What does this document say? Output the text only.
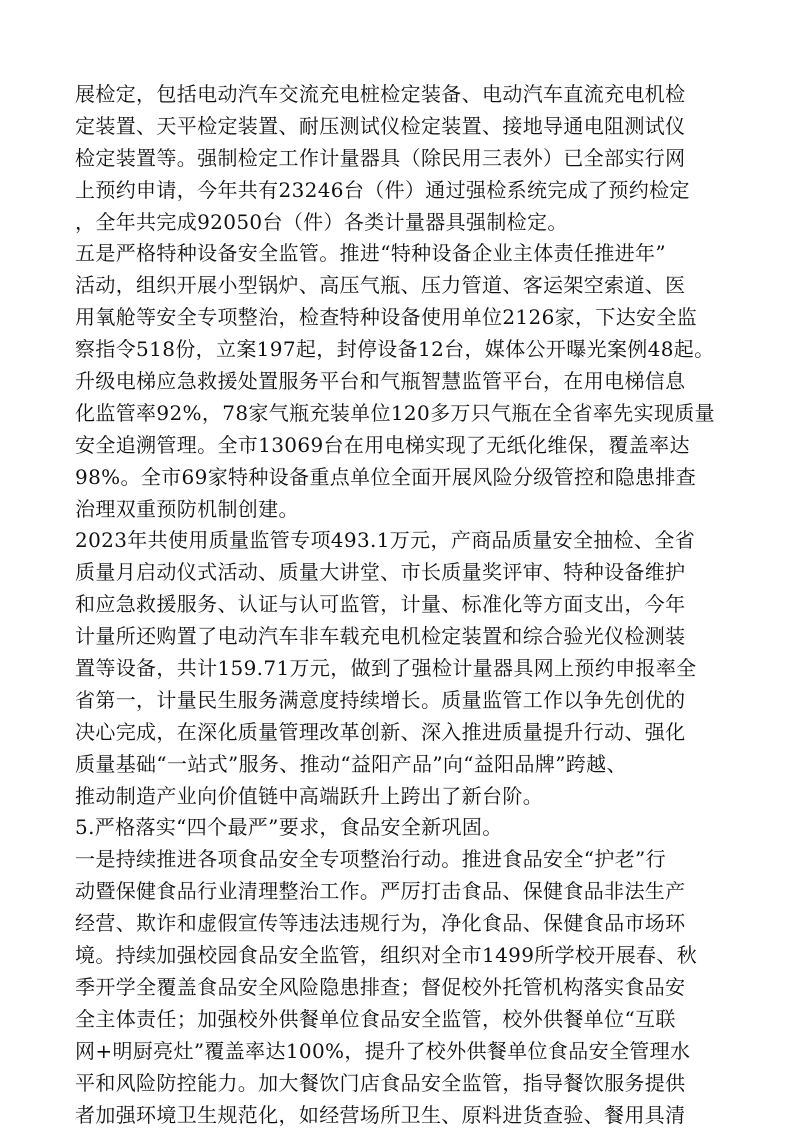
展检定，包括电动汽车交流充电桩检定装备、电动汽车直流充电机检
定装置、天平检定装置、耐压测试仪检定装置、接地导通电阻测试仪
检定装置等。强制检定工作计量器具（除民用三表外）已全部实行网
上预约申请，今年共有23246台（件）通过强检系统完成了预约检定
，全年共完成92050台（件）各类计量器具强制检定。
五是严格特种设备安全监管。推进“特种设备企业主体责任推进年”
活动，组织开展小型锅炉、高压气瓶、压力管道、客运架空索道、医
用氧舱等安全专项整治，检查特种设备使用单位2126家，下达安全监
察指令518份，立案197起，封停设备12台，媒体公开曝光案例48起。
升级电梯应急救援处置服务平台和气瓶智慧监管平台，在用电梯信息
化监管率92%，78家气瓶充装单位120多万只气瓶在全省率先实现质量
安全追溯管理。全市13069台在用电梯实现了无纸化维保，覆盖率达
98%。全市69家特种设备重点单位全面开展风险分级管控和隐患排查
治理双重预防机制创建。
2023年共使用质量监管专项493.1万元，产商品质量安全抽检、全省
质量月启动仪式活动、质量大讲堂、市长质量奖评审、特种设备维护
和应急救援服务、认证与认可监管，计量、标准化等方面支出，今年
计量所还购置了电动汽车非车载充电机检定装置和综合验光仪检测装
置等设备，共计159.71万元，做到了强检计量器具网上预约申报率全
省第一，计量民生服务满意度持续增长。质量监管工作以争先创优的
决心完成，在深化质量管理改革创新、深入推进质量提升行动、强化
质量基础“一站式”服务、推动“益阳产品”向“益阳品牌”跨越、
推动制造产业向价值链中高端跃升上跨出了新台阶。
5.严格落实“四个最严”要求，食品安全新巩固。
一是持续推进各项食品安全专项整治行动。推进食品安全“护老”行
动暨保健食品行业清理整治工作。严厉打击食品、保健食品非法生产
经营、欺诈和虚假宣传等违法违规行为，净化食品、保健食品市场环
境。持续加强校园食品安全监管，组织对全市1499所学校开展春、秋
季开学全覆盖食品安全风险隐患排查；督促校外托管机构落实食品安
全主体责任；加强校外供餐单位食品安全监管，校外供餐单位“互联
网+明厨亮灶”覆盖率达100%，提升了校外供餐单位食品安全管理水
平和风险防控能力。加大餐饮门店食品安全监管，指导餐饮服务提供
者加强环境卫生规范化，如经营场所卫生、原料进货查验、餐用具清
